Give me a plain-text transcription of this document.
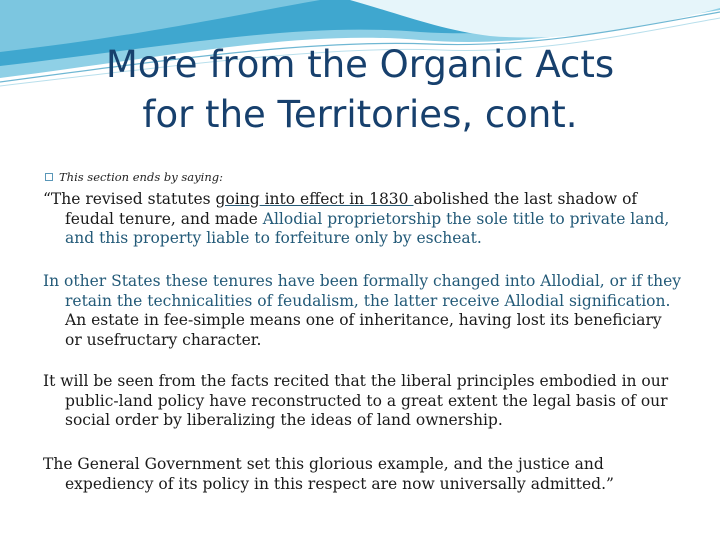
More from the Organic Acts
for the Territories, cont.
This section ends by saying:
“The revised statutes going into effect in 1830 abolished the last shadow of feudal tenure, and made Allodial proprietorship the sole title to private land, and this property liable to forfeiture only by escheat.
In other States these tenures have been formally changed into Allodial, or if they retain the technicalities of feudalism, the latter receive Allodial signification. An estate in fee-simple means one of inheritance, having lost its beneficiary or usefructary character.
It will be seen from the facts recited that the liberal principles embodied in our public-land policy have reconstructed to a great extent the legal basis of our social order by liberalizing the ideas of land ownership.
The General Government set this glorious example, and the justice and expediency of its policy in this respect are now universally admitted.”
